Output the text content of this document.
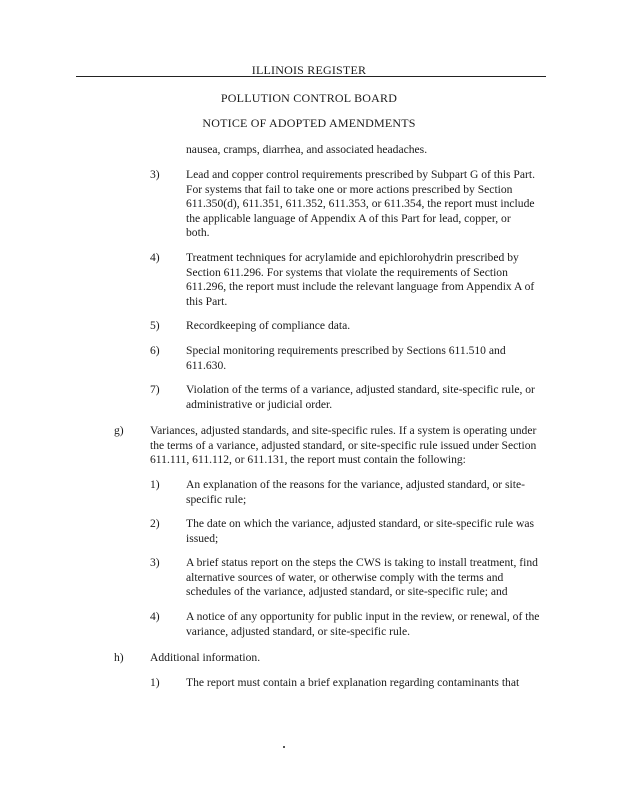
ILLINOIS REGISTER
POLLUTION CONTROL BOARD
NOTICE OF ADOPTED AMENDMENTS
nausea, cramps, diarrhea, and associated headaches.
3) Lead and copper control requirements prescribed by Subpart G of this Part.
For systems that fail to take one or more actions prescribed by Section
611.350(d), 611.351, 611.352, 611.353, or 611.354, the report must include
the applicable language of Appendix A of this Part for lead, copper, or
both.
4) Treatment techniques for acrylamide and epichlorohydrin prescribed by
Section 611.296. For systems that violate the requirements of Section
611.296, the report must include the relevant language from Appendix A of
this Part.
5) Recordkeeping of compliance data.
6) Special monitoring requirements prescribed by Sections 611.510 and
611.630.
7) Violation of the terms of a variance, adjusted standard, site-specific rule, or
administrative or judicial order.
g) Variances, adjusted standards, and site-specific rules. If a system is operating under
the terms of a variance, adjusted standard, or site-specific rule issued under Section
611.111, 611.112, or 611.131, the report must contain the following:
1) An explanation of the reasons for the variance, adjusted standard, or site-
specific rule;
2) The date on which the variance, adjusted standard, or site-specific rule was
issued;
3) A brief status report on the steps the CWS is taking to install treatment, find
alternative sources of water, or otherwise comply with the terms and
schedules of the variance, adjusted standard, or site-specific rule; and
4) A notice of any opportunity for public input in the review, or renewal, of the
variance, adjusted standard, or site-specific rule.
h) Additional information.
1) The report must contain a brief explanation regarding contaminants that
